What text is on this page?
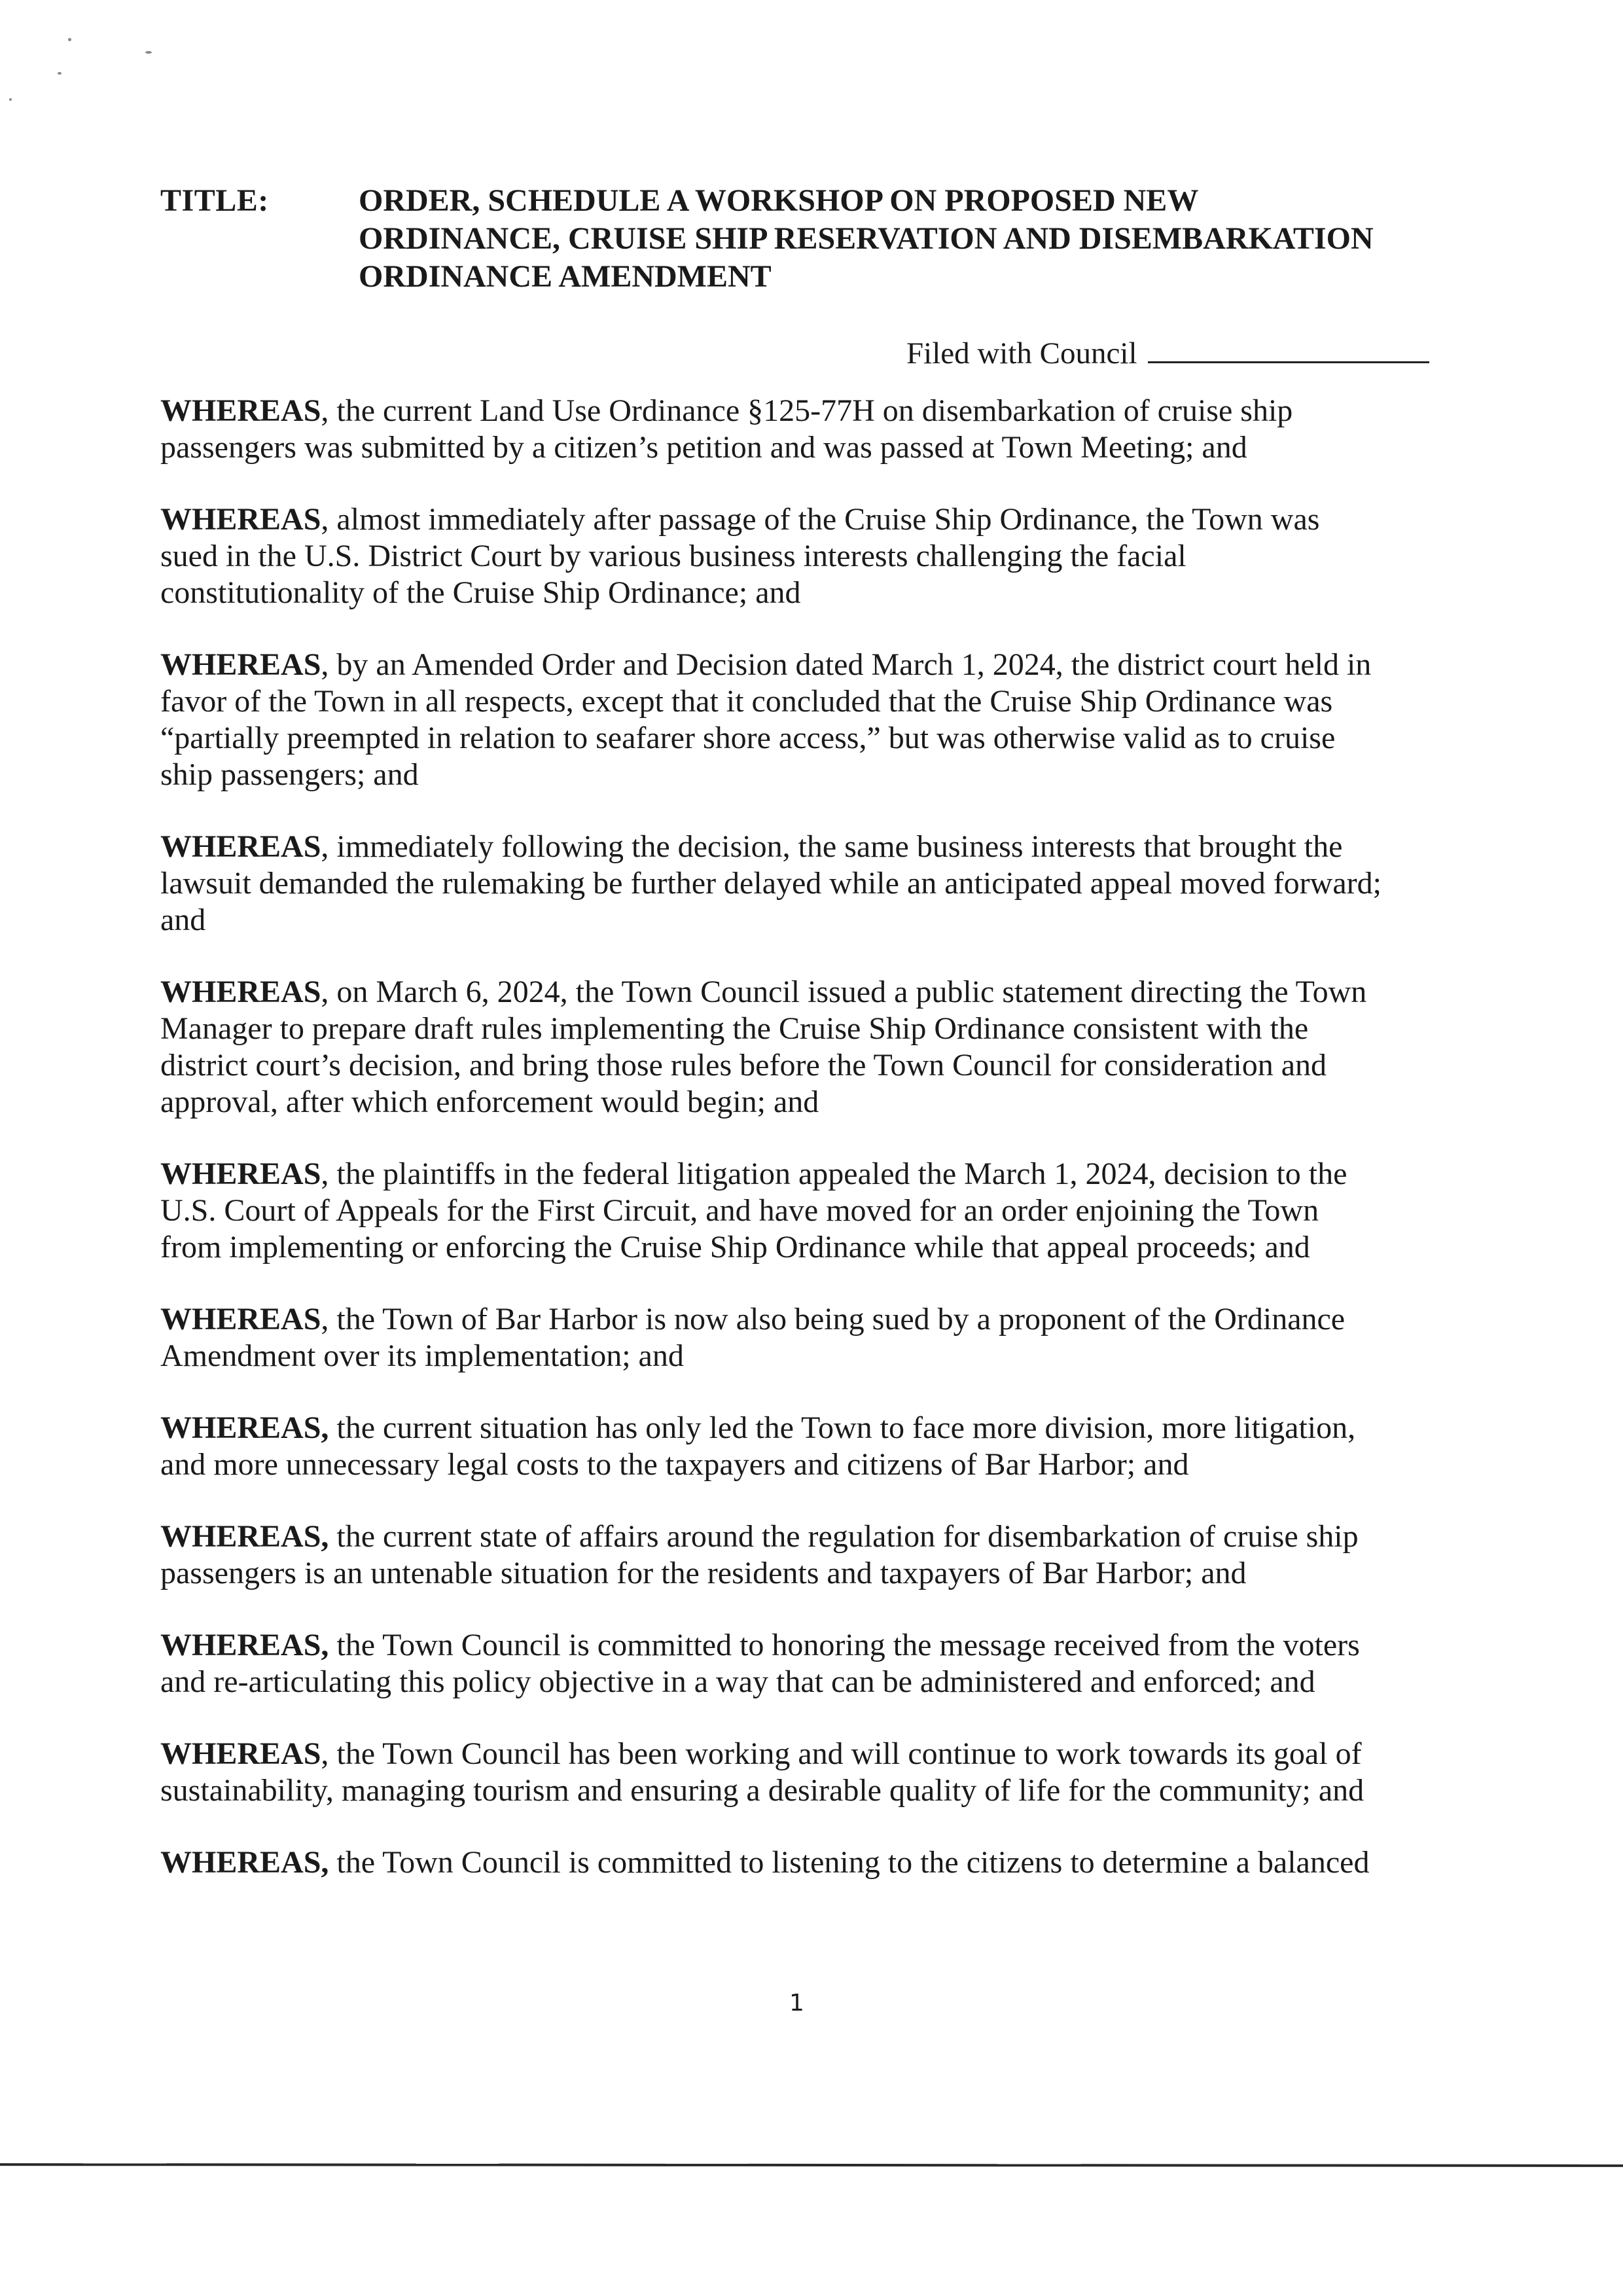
TITLE:	ORDER, SCHEDULE A WORKSHOP ON PROPOSED NEW
ORDINANCE, CRUISE SHIP RESERVATION AND DISEMBARKATION
ORDINANCE AMENDMENT
Filed with Council
WHEREAS, the current Land Use Ordinance §125-77H on disembarkation of cruise ship
passengers was submitted by a citizen’s petition and was passed at Town Meeting; and
WHEREAS, almost immediately after passage of the Cruise Ship Ordinance, the Town was
sued in the U.S. District Court by various business interests challenging the facial
constitutionality of the Cruise Ship Ordinance; and
WHEREAS, by an Amended Order and Decision dated March 1, 2024, the district court held in
favor of the Town in all respects, except that it concluded that the Cruise Ship Ordinance was
“partially preempted in relation to seafarer shore access,” but was otherwise valid as to cruise
ship passengers; and
WHEREAS, immediately following the decision, the same business interests that brought the
lawsuit demanded the rulemaking be further delayed while an anticipated appeal moved forward;
and
WHEREAS, on March 6, 2024, the Town Council issued a public statement directing the Town
Manager to prepare draft rules implementing the Cruise Ship Ordinance consistent with the
district court’s decision, and bring those rules before the Town Council for consideration and
approval, after which enforcement would begin; and
WHEREAS, the plaintiffs in the federal litigation appealed the March 1, 2024, decision to the
U.S. Court of Appeals for the First Circuit, and have moved for an order enjoining the Town
from implementing or enforcing the Cruise Ship Ordinance while that appeal proceeds; and
WHEREAS, the Town of Bar Harbor is now also being sued by a proponent of the Ordinance
Amendment over its implementation; and
WHEREAS, the current situation has only led the Town to face more division, more litigation,
and more unnecessary legal costs to the taxpayers and citizens of Bar Harbor; and
WHEREAS, the current state of affairs around the regulation for disembarkation of cruise ship
passengers is an untenable situation for the residents and taxpayers of Bar Harbor; and
WHEREAS, the Town Council is committed to honoring the message received from the voters
and re-articulating this policy objective in a way that can be administered and enforced; and
WHEREAS, the Town Council has been working and will continue to work towards its goal of
sustainability, managing tourism and ensuring a desirable quality of life for the community; and
WHEREAS, the Town Council is committed to listening to the citizens to determine a balanced
1
